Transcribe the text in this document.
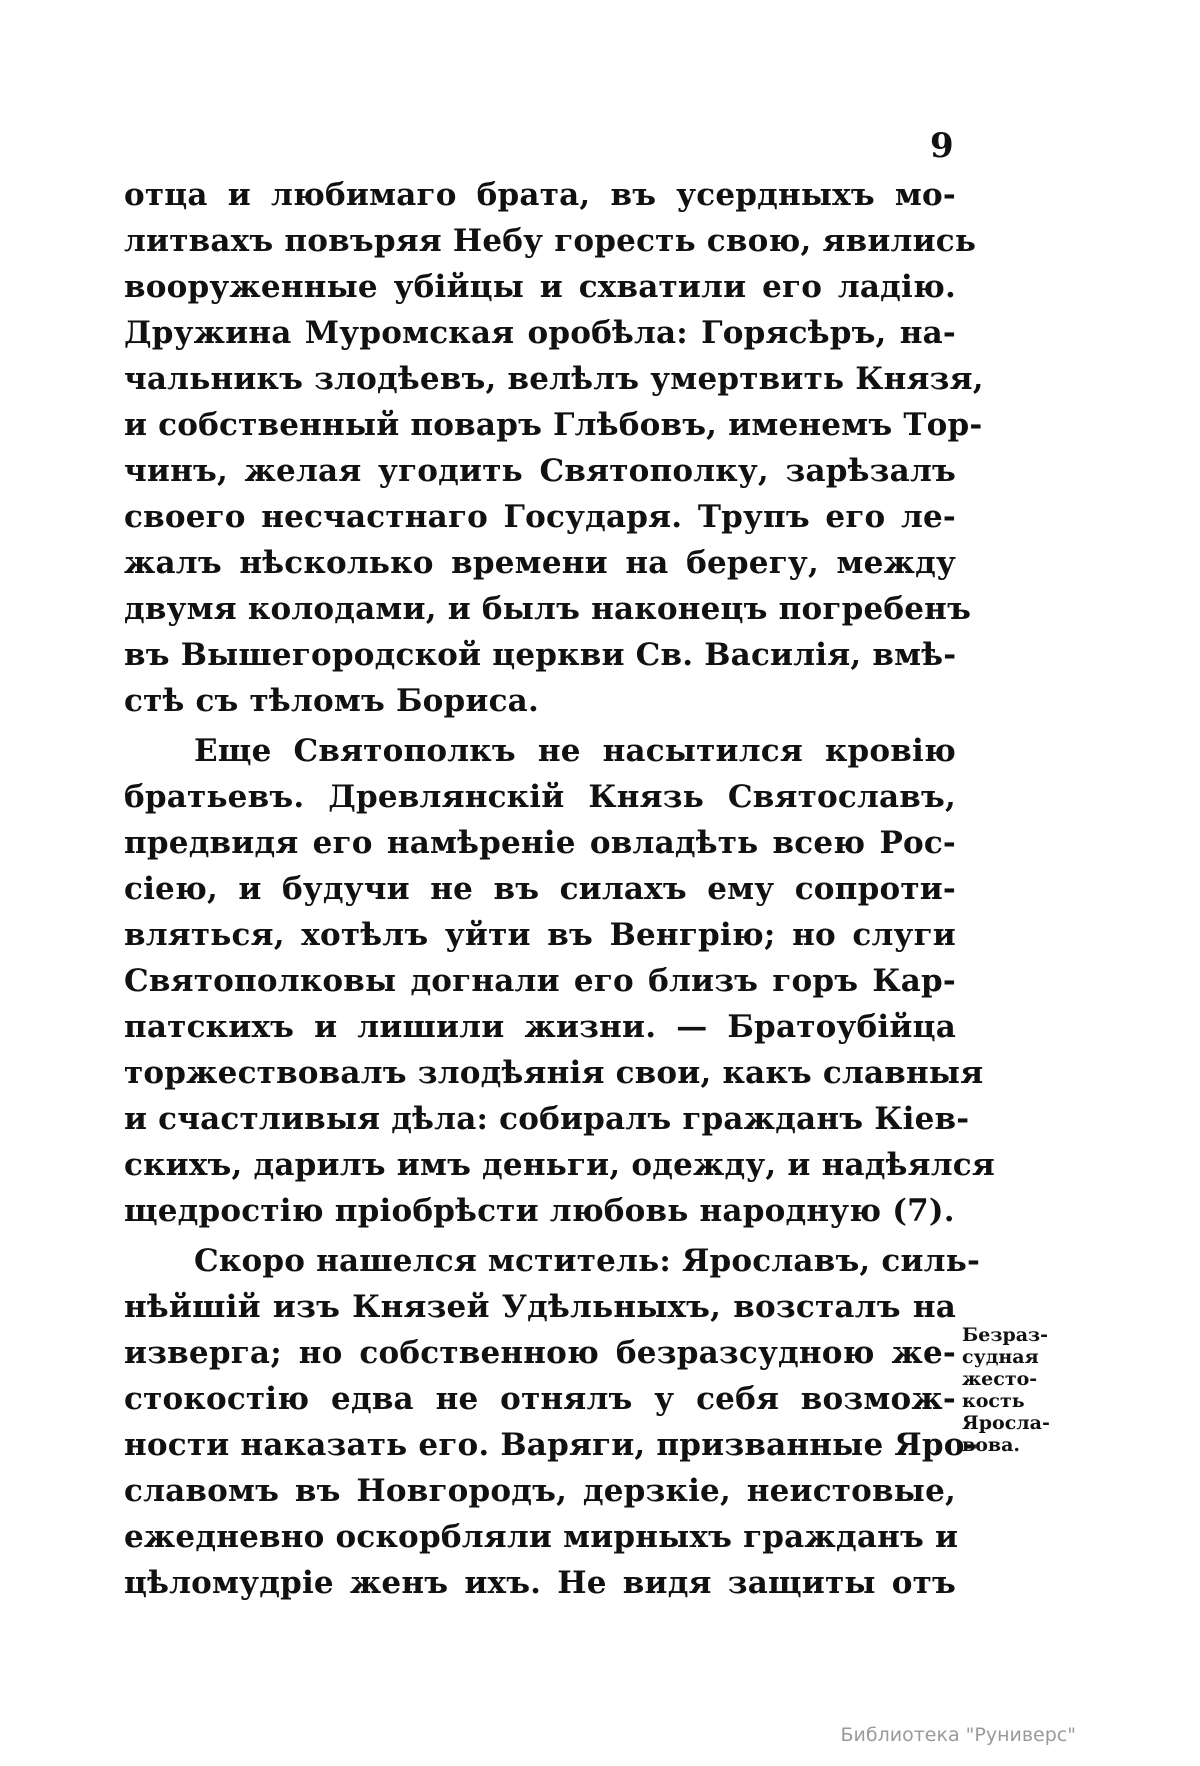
9
отца и любимаго брата, въ усердныхъ мо-
литвахъ повъряя Небу горесть свою, явились
вооруженные убійцы и схватили его ладію.
Дружина Муромская оробѣла: Горясѣръ, на-
чальникъ злодѣевъ, велѣлъ умертвить Князя,
и собственный поваръ Глѣбовъ, именемъ Тор-
чинъ, желая угодить Святополку, зарѣзалъ
своего несчастнаго Государя. Трупъ его ле-
жалъ нѣсколько времени на берегу, между
двумя колодами, и былъ наконецъ погребенъ
въ Вышегородской церкви Св. Василія, вмѣ-
стѣ съ тѣломъ Бориса.
Еще Святополкъ не насытился кровію
братьевъ. Древлянскій Князь Святославъ,
предвидя его намѣреніе овладѣть всею Рос-
сіею, и будучи не въ силахъ ему сопроти-
вляться, хотѣлъ уйти въ Венгрію; но слуги
Святополковы догнали его близъ горъ Кар-
патскихъ и лишили жизни. — Братоубійца
торжествовалъ злодѣянія свои, какъ славныя
и счастливыя дѣла: собиралъ гражданъ Кіев-
скихъ, дарилъ имъ деньги, одежду, и надѣялся
щедростію пріобрѣсти любовь народную (7).
Скоро нашелся мститель: Ярославъ, силь-
нѣйшій изъ Князей Удѣльныхъ, возсталъ на
изверга; но собственною безразсудною же-
стокостію едва не отнялъ у себя возмож-
ности наказать его. Варяги, призванные Яро-
славомъ въ Новгородъ, дерзкіе, неистовые,
ежедневно оскорбляли мирныхъ гражданъ и
цѣломудріе женъ ихъ. Не видя защиты отъ
Безраз-
судная
жесто-
кость
Яросла-
вова.
Библиотека "Руниверс"
